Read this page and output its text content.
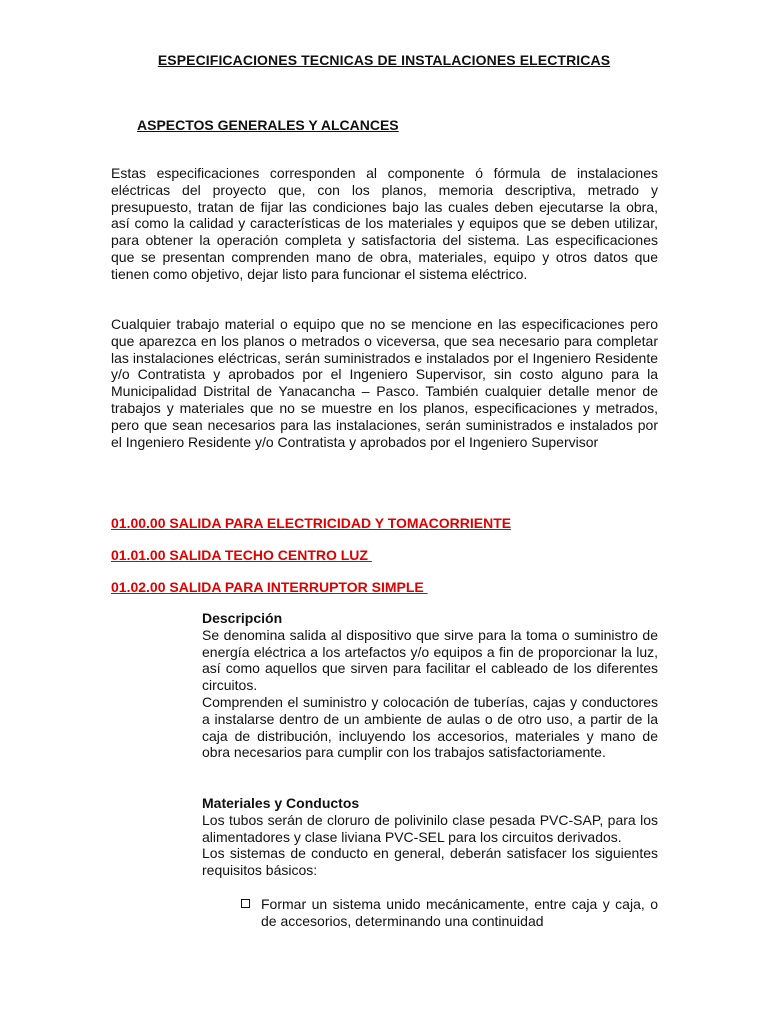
ESPECIFICACIONES TECNICAS DE INSTALACIONES ELECTRICAS
ASPECTOS GENERALES Y ALCANCES
Estas especificaciones corresponden al componente ó fórmula de instalaciones eléctricas del proyecto que, con los planos, memoria descriptiva, metrado y presupuesto, tratan de fijar las condiciones bajo las cuales deben ejecutarse la obra, así como la calidad y características de los materiales y equipos que se deben utilizar, para obtener la operación completa y satisfactoria del sistema. Las especificaciones que se presentan comprenden mano de obra, materiales, equipo y otros datos que tienen como objetivo, dejar listo para funcionar el sistema eléctrico.
Cualquier trabajo material o equipo que no se mencione en las especificaciones pero que aparezca en los planos o metrados o viceversa, que sea necesario para completar las instalaciones eléctricas, serán suministrados e instalados por el Ingeniero Residente y/o Contratista y aprobados por el Ingeniero Supervisor, sin costo alguno para la Municipalidad Distrital de Yanacancha – Pasco. También cualquier detalle menor de trabajos y materiales que no se muestre en los planos, especificaciones y metrados, pero que sean necesarios para las instalaciones, serán suministrados e instalados por el Ingeniero Residente y/o Contratista y aprobados por el Ingeniero Supervisor
01.00.00 SALIDA PARA ELECTRICIDAD Y TOMACORRIENTE
01.01.00 SALIDA TECHO CENTRO LUZ
01.02.00 SALIDA PARA INTERRUPTOR SIMPLE
Descripción
Se denomina salida al dispositivo que sirve para la toma o suministro de energía eléctrica a los artefactos y/o equipos a fin de proporcionar la luz, así como aquellos que sirven para facilitar el cableado de los diferentes circuitos.
Comprenden el suministro y colocación de tuberías, cajas y conductores a instalarse dentro de un ambiente de aulas o de otro uso, a partir de la caja de distribución, incluyendo los accesorios, materiales y mano de obra necesarios para cumplir con los trabajos satisfactoriamente.
Materiales y Conductos
Los tubos serán de cloruro de polivinilo clase pesada PVC-SAP, para los alimentadores y clase liviana PVC-SEL para los circuitos derivados.
Los sistemas de conducto en general, deberán satisfacer los siguientes requisitos básicos:
Formar un sistema unido mecánicamente, entre caja y caja, o de accesorios, determinando una continuidad
